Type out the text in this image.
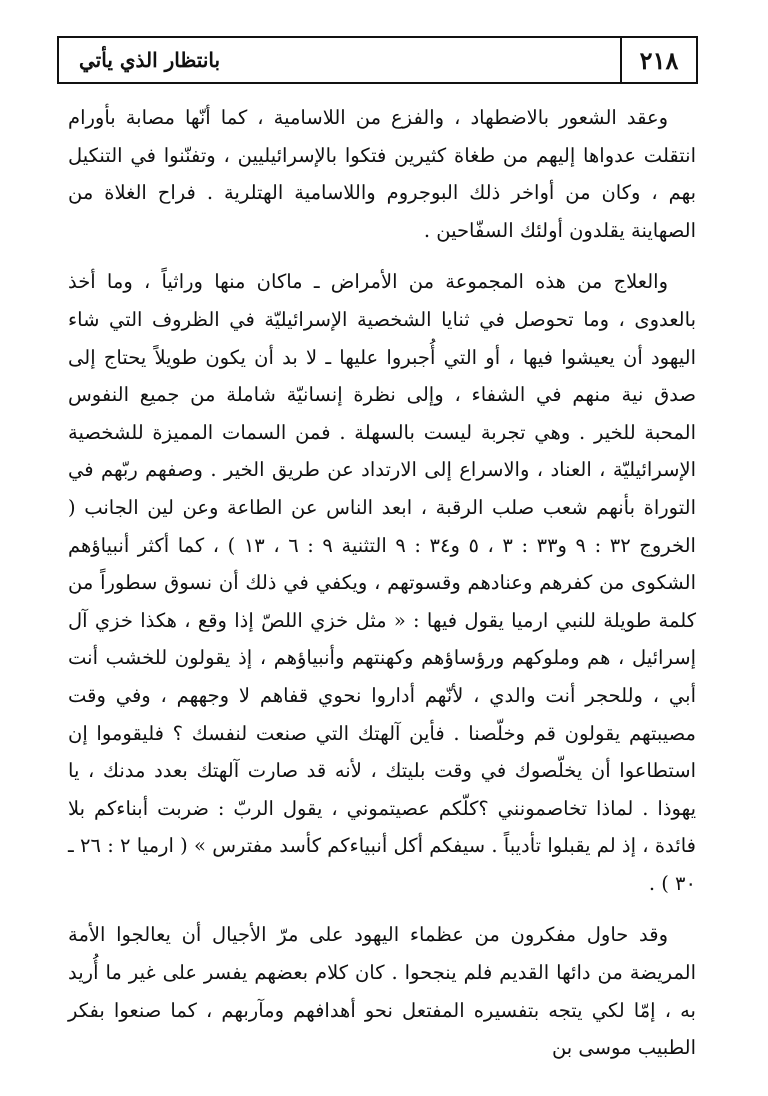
بانتظار الذي يأتي	٢١٨

وعقد الشعور بالاضطهاد ، والفزع من اللاسامية ، كما أنّها مصابة بأورام انتقلت عدواها إليهم من طغاة كثيرين فتكوا بالإسرائيليين ، وتفنّنوا في التنكيل بهم ، وكان من أواخر ذلك البوجروم واللاسامية الهتلرية . فراح الغلاة من الصهاينة يقلدون أولئك السفّاحين .

والعلاج من هذه المجموعة من الأمراض ـ ماكان منها وراثياً ، وما أخذ بالعدوى ، وما تحوصل في ثنايا الشخصية الإسرائيليّة في الظروف التي شاء اليهود أن يعيشوا فيها ، أو التي أُجبروا عليها ـ لا بد أن يكون طويلاً يحتاج إلى صدق نية منهم في الشفاء ، وإلى نظرة إنسانيّة شاملة من جميع النفوس المحبة للخير . وهي تجربة ليست بالسهلة . فمن السمات المميزة للشخصية الإسرائيليّة ، العناد ، والاسراع إلى الارتداد عن طريق الخير . وصفهم ربّهم في التوراة بأنهم شعب صلب الرقبة ، ابعد الناس عن الطاعة وعن لين الجانب ( الخروج ٣٢ : ٩ و٣٣ : ٣ ، ٥ و٣٤ : ٩ التثنية ٩ : ٦ ، ١٣ ) ، كما أكثر أنبياؤهم الشكوى من كفرهم وعنادهم وقسوتهم ، ويكفي في ذلك أن نسوق سطوراً من كلمة طويلة للنبي ارميا يقول فيها : « مثل خزي اللصّ إذا وقع ، هكذا خزي آل إسرائيل ، هم وملوكهم ورؤساؤهم وكهنتهم وأنبياؤهم ، إذ يقولون للخشب أنت أبي ، وللحجر أنت والدي ، لأنّهم أداروا نحوي قفاهم لا وجههم ، وفي وقت مصيبتهم يقولون قم وخلّصنا . فأين آلهتك التي صنعت لنفسك ؟ فليقوموا إن استطاعوا أن يخلّصوك في وقت بليتك ، لأنه قد صارت آلهتك بعدد مدنك ، يا يهوذا . لماذا تخاصمونني ؟كلّكم عصيتموني ، يقول الربّ : ضربت أبناءكم بلا فائدة ، إذ لم يقبلوا تأديباً . سيفكم أكل أنبياءكم كأسد مفترس » ( ارميا ٢ : ٢٦ ـ ٣٠ ) .

وقد حاول مفكرون من عظماء اليهود على مرّ الأجيال أن يعالجوا الأمة المريضة من دائها القديم فلم ينجحوا . كان كلام بعضهم يفسر على غير ما أُريد به ، إمّا لكي يتجه بتفسيره المفتعل نحو أهدافهم ومآربهم ، كما صنعوا بفكر الطبيب موسى بن
